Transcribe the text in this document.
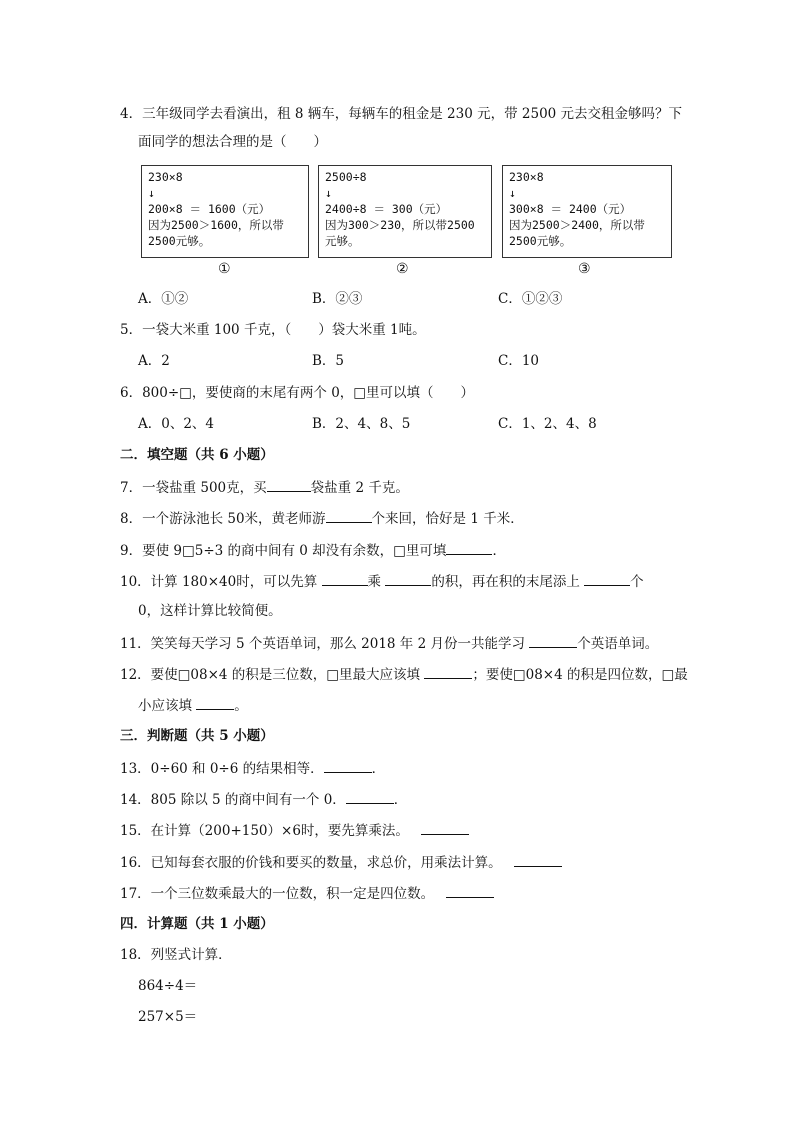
4．三年级同学去看演出，租 8 辆车，每辆车的租金是 230 元，带 2500 元去交租金够吗？下
面同学的想法合理的是（　　）
230×8
↓
200×8 ＝ 1600（元）
因为2500＞1600，所以带
2500元够。
2500÷8
↓
2400÷8 ＝ 300（元）
因为300＞230，所以带2500
元够。
230×8
↓
300×8 ＝ 2400（元）
因为2500＞2400，所以带
2500元够。
①	②	③
A．①②	B．②③	C．①②③
5．一袋大米重 100 千克，（　　）袋大米重 1吨。
A．2	B．5	C．10
6．800÷□，要使商的末尾有两个 0，□里可以填（　　）
A．0、2、4	B．2、4、8、5	C．1、2、4、8
二．填空题（共 6 小题）
7．一袋盐重 500克，买	袋盐重 2 千克。
8．一个游泳池长 50米，黄老师游	个来回，恰好是 1 千米．
9．要使 9□5÷3 的商中间有 0 却没有余数，□里可填	．
10．计算 180×40时，可以先算	乘	的积，再在积的末尾添上	个
0，这样计算比较简便。
11．笑笑每天学习 5 个英语单词，那么 2018 年 2 月份一共能学习	个英语单词。
12．要使□08×4 的积是三位数，□里最大应该填	；要使□08×4 的积是四位数，□最
小应该填	。
三．判断题（共 5 小题）
13．0÷60 和 0÷6 的结果相等．	．
14．805 除以 5 的商中间有一个 0．	．
15．在计算（200+150）×6时，要先算乘法。
16．已知每套衣服的价钱和要买的数量，求总价，用乘法计算。
17．一个三位数乘最大的一位数，积一定是四位数。
四．计算题（共 1 小题）
18．列竖式计算．
864÷4＝
257×5＝
